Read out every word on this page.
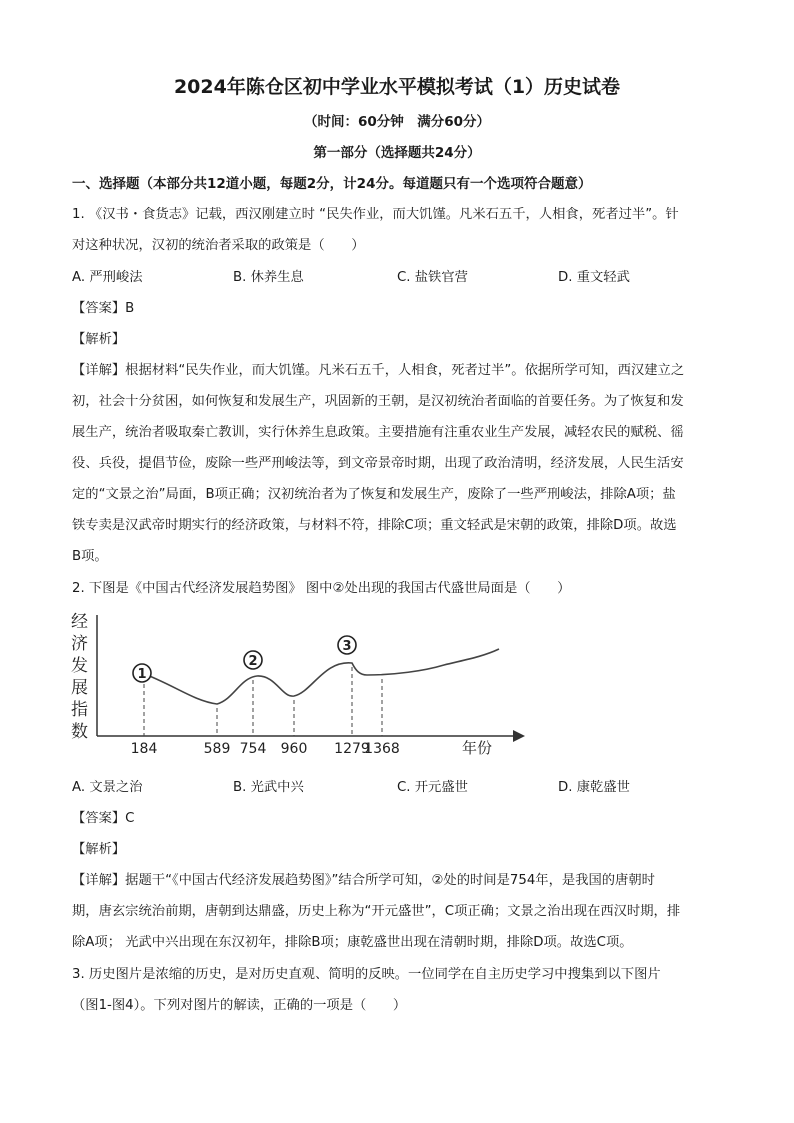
2024年陈仓区初中学业水平模拟考试（1）历史试卷
（时间：60分钟　满分60分）
第一部分（选择题共24分）
一、选择题（本部分共12道小题，每题2分，计24分。每道题只有一个选项符合题意）
1. 《汉书・食货志》记载，西汉刚建立时 “民失作业，而大饥馑。凡米石五千，人相食，死者过半”。针
对这种状况，汉初的统治者采取的政策是（　　）
A. 严刑峻法	B. 休养生息	C. 盐铁官营	D. 重文轻武
【答案】B
【解析】
【详解】根据材料“民失作业，而大饥馑。凡米石五千，人相食，死者过半”。依据所学可知，西汉建立之
初，社会十分贫困，如何恢复和发展生产，巩固新的王朝，是汉初统治者面临的首要任务。为了恢复和发
展生产，统治者吸取秦亡教训，实行休养生息政策。主要措施有注重农业生产发展，减轻农民的赋税、徭
役、兵役，提倡节俭，废除一些严刑峻法等，到文帝景帝时期，出现了政治清明，经济发展，人民生活安
定的“文景之治”局面，B项正确；汉初统治者为了恢复和发展生产，废除了一些严刑峻法，排除A项；盐
铁专卖是汉武帝时期实行的经济政策，与材料不符，排除C项；重文轻武是宋朝的政策，排除D项。故选
B项。
2. 下图是《中国古代经济发展趋势图》 图中②处出现的我国古代盛世局面是（　　）
经
济
发
展
指
数
1
2
3
184	589 754 960 1279
1368	年份
A. 文景之治	B. 光武中兴	C. 开元盛世	D. 康乾盛世
【答案】C
【解析】
【详解】据题干“《中国古代经济发展趋势图》”结合所学可知，②处的时间是754年，是我国的唐朝时
期，唐玄宗统治前期，唐朝到达鼎盛，历史上称为“开元盛世”，C项正确；文景之治出现在西汉时期，排
除A项； 光武中兴出现在东汉初年，排除B项；康乾盛世出现在清朝时期，排除D项。故选C项。
3. 历史图片是浓缩的历史，是对历史直观、简明的反映。一位同学在自主历史学习中搜集到以下图片
（图1-图4）。下列对图片的解读，正确的一项是（　　）
